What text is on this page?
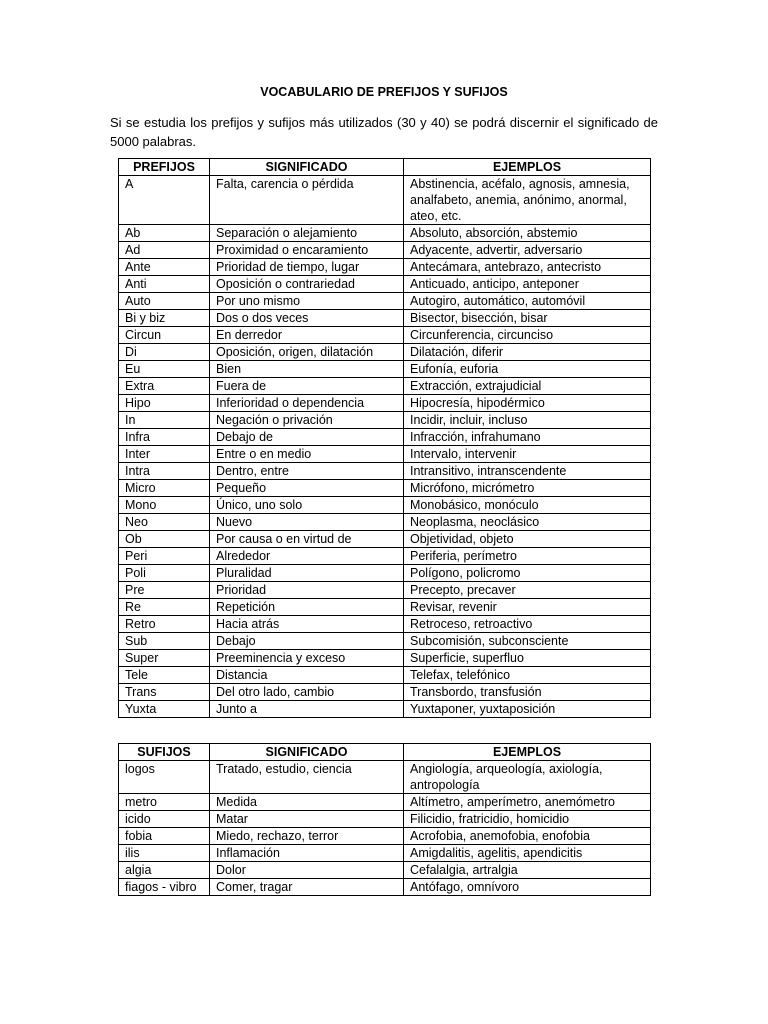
VOCABULARIO DE PREFIJOS Y SUFIJOS
Si se estudia los prefijos y sufijos más utilizados (30 y 40) se podrá discernir el significado de 5000 palabras.
PREFIJOS	SIGNIFICADO	EJEMPLOS
A	Falta, carencia o pérdida	Abstinencia, acéfalo, agnosis, amnesia, analfabeto, anemia, anónimo, anormal, ateo, etc.
Ab	Separación o alejamiento	Absoluto, absorción, abstemio
Ad	Proximidad o encaramiento	Adyacente, advertir, adversario
Ante	Prioridad de tiempo, lugar	Antecámara, antebrazo, antecristo
Anti	Oposición o contrariedad	Anticuado, anticipo, anteponer
Auto	Por uno mismo	Autogiro, automático, automóvil
Bi y biz	Dos o dos veces	Bisector, bisección, bisar
Circun	En derredor	Circunferencia, circunciso
Di	Oposición, origen, dilatación	Dilatación, diferir
Eu	Bien	Eufonía, euforia
Extra	Fuera de	Extracción, extrajudicial
Hipo	Inferioridad o dependencia	Hipocresía, hipodérmico
In	Negación o privación	Incidir, incluir, incluso
Infra	Debajo de	Infracción, infrahumano
Inter	Entre o en medio	Intervalo, intervenir
Intra	Dentro, entre	Intransitivo, intranscendente
Micro	Pequeño	Micrófono, micrómetro
Mono	Único, uno solo	Monobásico, monóculo
Neo	Nuevo	Neoplasma, neoclásico
Ob	Por causa o en virtud de	Objetividad, objeto
Peri	Alrededor	Periferia, perímetro
Poli	Pluralidad	Polígono, policromo
Pre	Prioridad	Precepto, precaver
Re	Repetición	Revisar, revenir
Retro	Hacia atrás	Retroceso, retroactivo
Sub	Debajo	Subcomisión, subconsciente
Super	Preeminencia y exceso	Superficie, superfluo
Tele	Distancia	Telefax, telefónico
Trans	Del otro lado, cambio	Transbordo, transfusión
Yuxta	Junto a	Yuxtaponer, yuxtaposición
SUFIJOS	SIGNIFICADO	EJEMPLOS
logos	Tratado, estudio, ciencia	Angiología, arqueología, axiología, antropología
metro	Medida	Altímetro, amperímetro, anemómetro
icido	Matar	Filicidio, fratricidio, homicidio
fobia	Miedo, rechazo, terror	Acrofobia, anemofobia, enofobia
ilis	Inflamación	Amigdalitis, agelitis, apendicitis
algia	Dolor	Cefalalgia, artralgia
fiagos - vibro	Comer, tragar	Antófago, omnívoro
